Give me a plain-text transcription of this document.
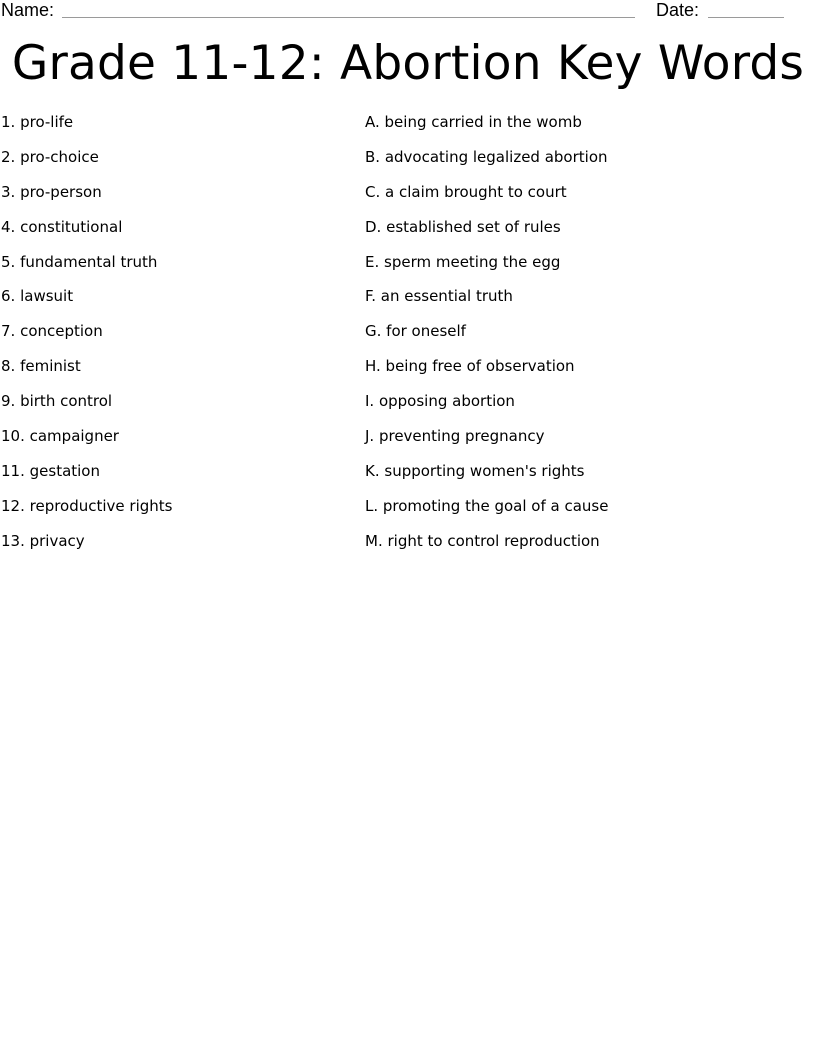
Name:	Date:
Grade 11-12: Abortion Key Words
1. pro-life
2. pro-choice
3. pro-person
4. constitutional
5. fundamental truth
6. lawsuit
7. conception
8. feminist
9. birth control
10. campaigner
11. gestation
12. reproductive rights
13. privacy
A. being carried in the womb
B. advocating legalized abortion
C. a claim brought to court
D. established set of rules
E. sperm meeting the egg
F. an essential truth
G. for oneself
H. being free of observation
I. opposing abortion
J. preventing pregnancy
K. supporting women's rights
L. promoting the goal of a cause
M. right to control reproduction
